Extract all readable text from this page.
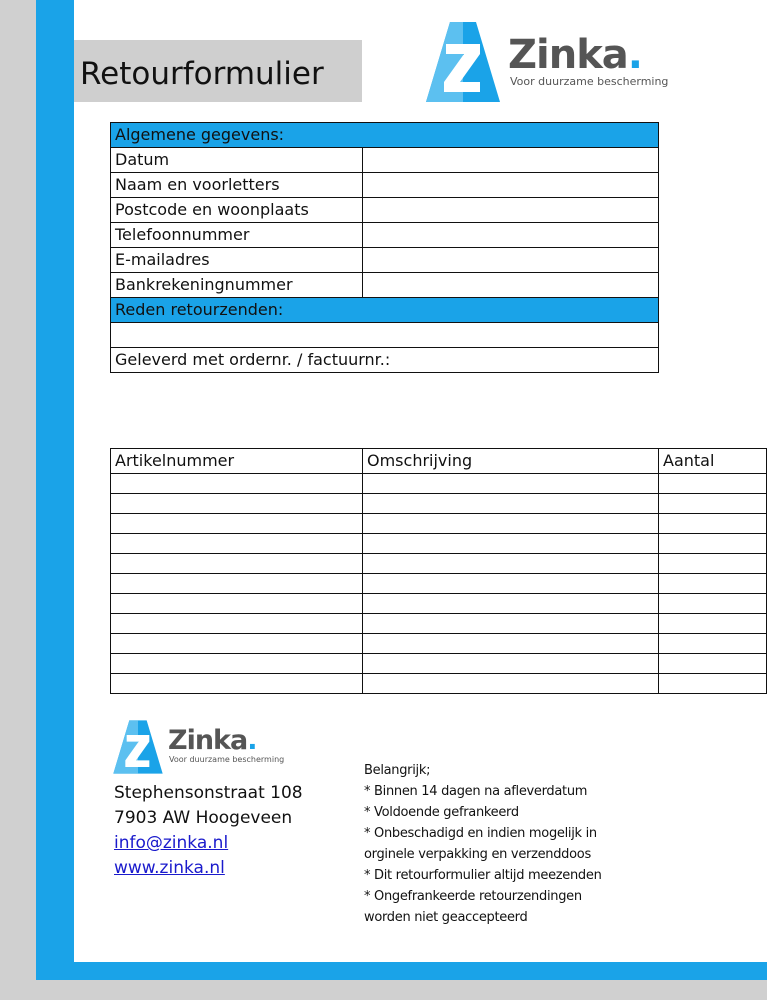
Retourformulier	Zinka.
Voor duurzame bescherming
Algemene gegevens:	
Datum	
Naam en voorletters	
Postcode en woonplaats	
Telefoonnummer	
E-mailadres	
Bankrekeningnummer	
Reden retourzenden:	

Geleverd met ordernr. / factuurnr.:	
Artikelnummer	Omschrijving	Aantal

Zinka.
Voor duurzame bescherming
Stephensonstraat 108
7903 AW Hoogeveen
info@zinka.nl
www.zinka.nl
Belangrijk;
* Binnen 14 dagen na afleverdatum
* Voldoende gefrankeerd
* Onbeschadigd en indien mogelijk in
orginele verpakking en verzenddoos
* Dit retourformulier altijd meezenden
* Ongefrankeerde retourzendingen
worden niet geaccepteerd
